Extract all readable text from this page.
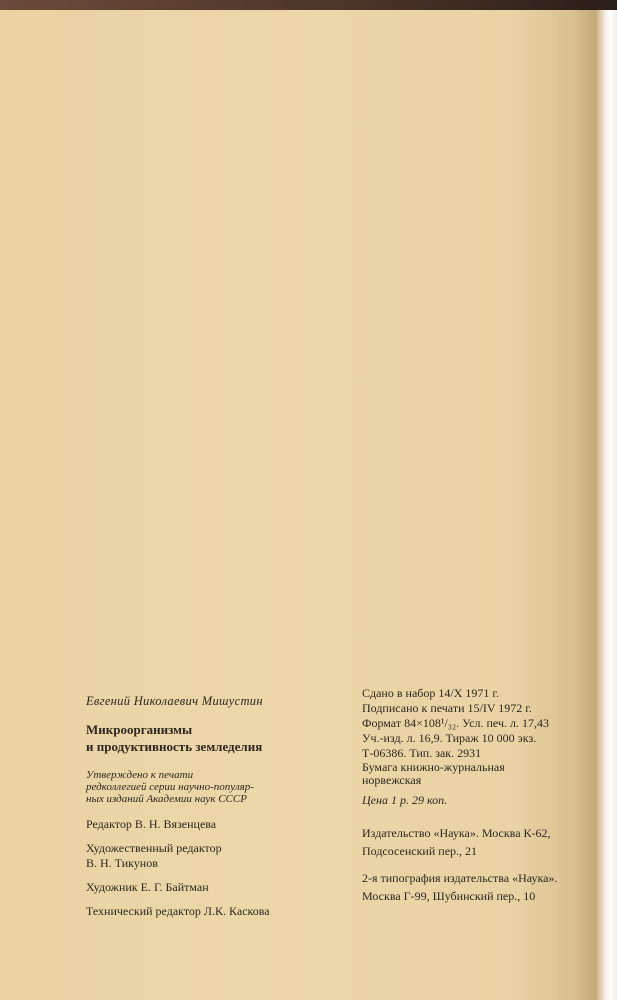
Евгений Николаевич Мишустин

Микроорганизмы

и продуктивность земледелия

Утверждено к печати

редколлегией серии научно-популяр-

ных изданий Академии наук СССР

Редактор В. Н. Вязенцева

Художественный редактор

В. Н. Тикунов

Художник Е. Г. Байтман

Технический редактор Л.К. Каскова

Сдано в набор 14/X 1971 г.

Подписано к печати 15/IV 1972 г.

Формат 84×108¹/₃₂. Усл. печ. л. 17,43

Уч.-изд. л. 16,9. Тираж 10 000 экз.

Т-06386. Тип. зак. 2931

Бумага книжно-журнальная

норвежская

Цена 1 р. 29 коп.

Издательство «Наука». Москва К-62,

Подсосенский пер., 21

2-я типография издательства «Наука».

Москва Г-99, Шубинский пер., 10
